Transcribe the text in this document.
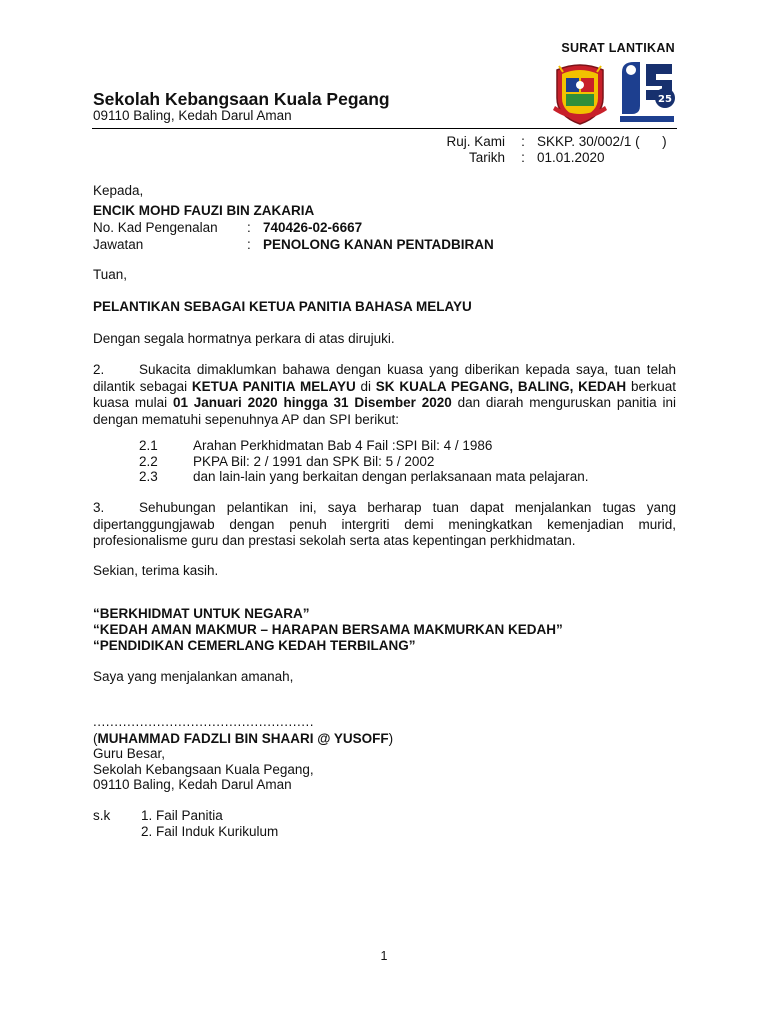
SURAT LANTIKAN
25
Sekolah Kebangsaan Kuala Pegang
09110 Baling, Kedah Darul Aman
Ruj. Kami	:	SKKP. 30/002/1 (      )
Tarikh	:	01.01.2020
Kepada,
ENCIK MOHD FAUZI BIN ZAKARIA
No. Kad Pengenalan : 740426-02-6667
Jawatan	: PENOLONG KANAN PENTADBIRAN
Tuan,
PELANTIKAN SEBAGAI KETUA PANITIA BAHASA MELAYU
Dengan segala hormatnya perkara di atas dirujuki.
2.	Sukacita dimaklumkan bahawa dengan kuasa yang diberikan kepada saya, tuan telah dilantik sebagai KETUA PANITIA MELAYU di SK KUALA PEGANG, BALING, KEDAH berkuat kuasa mulai 01 Januari 2020 hingga 31 Disember 2020 dan diarah menguruskan panitia ini dengan mematuhi sepenuhnya AP dan SPI berikut:
2.1	Arahan Perkhidmatan Bab 4 Fail :SPI Bil: 4 / 1986
2.2	PKPA Bil: 2 / 1991 dan SPK Bil: 5 / 2002
2.3	dan lain-lain yang berkaitan dengan perlaksanaan mata pelajaran.
3.	Sehubungan pelantikan ini, saya berharap tuan dapat menjalankan tugas yang dipertanggungjawab dengan penuh intergriti demi meningkatkan kemenjadian murid, profesionalisme guru dan prestasi sekolah serta atas kepentingan perkhidmatan.
Sekian, terima kasih.
“BERKHIDMAT UNTUK NEGARA”
“KEDAH AMAN MAKMUR – HARAPAN BERSAMA MAKMURKAN KEDAH”
“PENDIDIKAN CEMERLANG KEDAH TERBILANG”
Saya yang menjalankan amanah,
....................................................
(MUHAMMAD FADZLI BIN SHAARI @ YUSOFF)
Guru Besar,
Sekolah Kebangsaan Kuala Pegang,
09110 Baling, Kedah Darul Aman
s.k 1. Fail Panitia
2. Fail Induk Kurikulum
1
